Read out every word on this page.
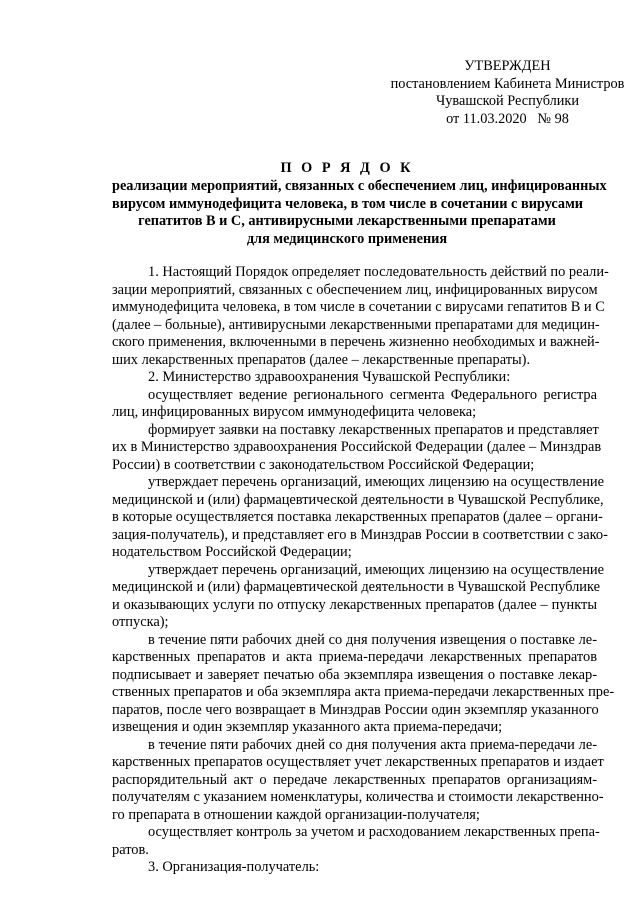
УТВЕРЖДЕН
постановлением Кабинета Министров
Чувашской Республики
от 11.03.2020   № 98
П О Р Я Д О К
реализации мероприятий, связанных с обеспечением лиц, инфицированных
вирусом иммунодефицита человека, в том числе в сочетании с вирусами
гепатитов В и С, антивирусными лекарственными препаратами
для медицинского применения
1. Настоящий Порядок определяет последовательность действий по реали-
зации мероприятий, связанных с обеспечением лиц, инфицированных вирусом
иммунодефицита человека, в том числе в сочетании с вирусами гепатитов В и С
(далее – больные), антивирусными лекарственными препаратами для медицин-
ского применения, включенными в перечень жизненно необходимых и важней-
ших лекарственных препаратов (далее – лекарственные препараты).
2. Министерство здравоохранения Чувашской Республики:
осуществляет ведение регионального сегмента Федерального регистра
лиц, инфицированных вирусом иммунодефицита человека;
формирует заявки на поставку лекарственных препаратов и представляет
их в Министерство здравоохранения Российской Федерации (далее – Минздрав
России) в соответствии с законодательством Российской Федерации;
утверждает перечень организаций, имеющих лицензию на осуществление
медицинской и (или) фармацевтической деятельности в Чувашской Республике,
в которые осуществляется поставка лекарственных препаратов (далее – органи-
зация-получатель), и представляет его в Минздрав России в соответствии с зако-
нодательством Российской Федерации;
утверждает перечень организаций, имеющих лицензию на осуществление
медицинской и (или) фармацевтической деятельности в Чувашской Республике
и оказывающих услуги по отпуску лекарственных препаратов (далее – пункты
отпуска);
в течение пяти рабочих дней со дня получения извещения о поставке ле-
карственных препаратов и акта приема-передачи лекарственных препаратов
подписывает и заверяет печатью оба экземпляра извещения о поставке лекар-
ственных препаратов и оба экземпляра акта приема-передачи лекарственных пре-
паратов, после чего возвращает в Минздрав России один экземпляр указанного
извещения и один экземпляр указанного акта приема-передачи;
в течение пяти рабочих дней со дня получения акта приема-передачи ле-
карственных препаратов осуществляет учет лекарственных препаратов и издает
распорядительный акт о передаче лекарственных препаратов организациям-
получателям с указанием номенклатуры, количества и стоимости лекарственно-
го препарата в отношении каждой организации-получателя;
осуществляет контроль за учетом и расходованием лекарственных препа-
ратов.
3. Организация-получатель:
